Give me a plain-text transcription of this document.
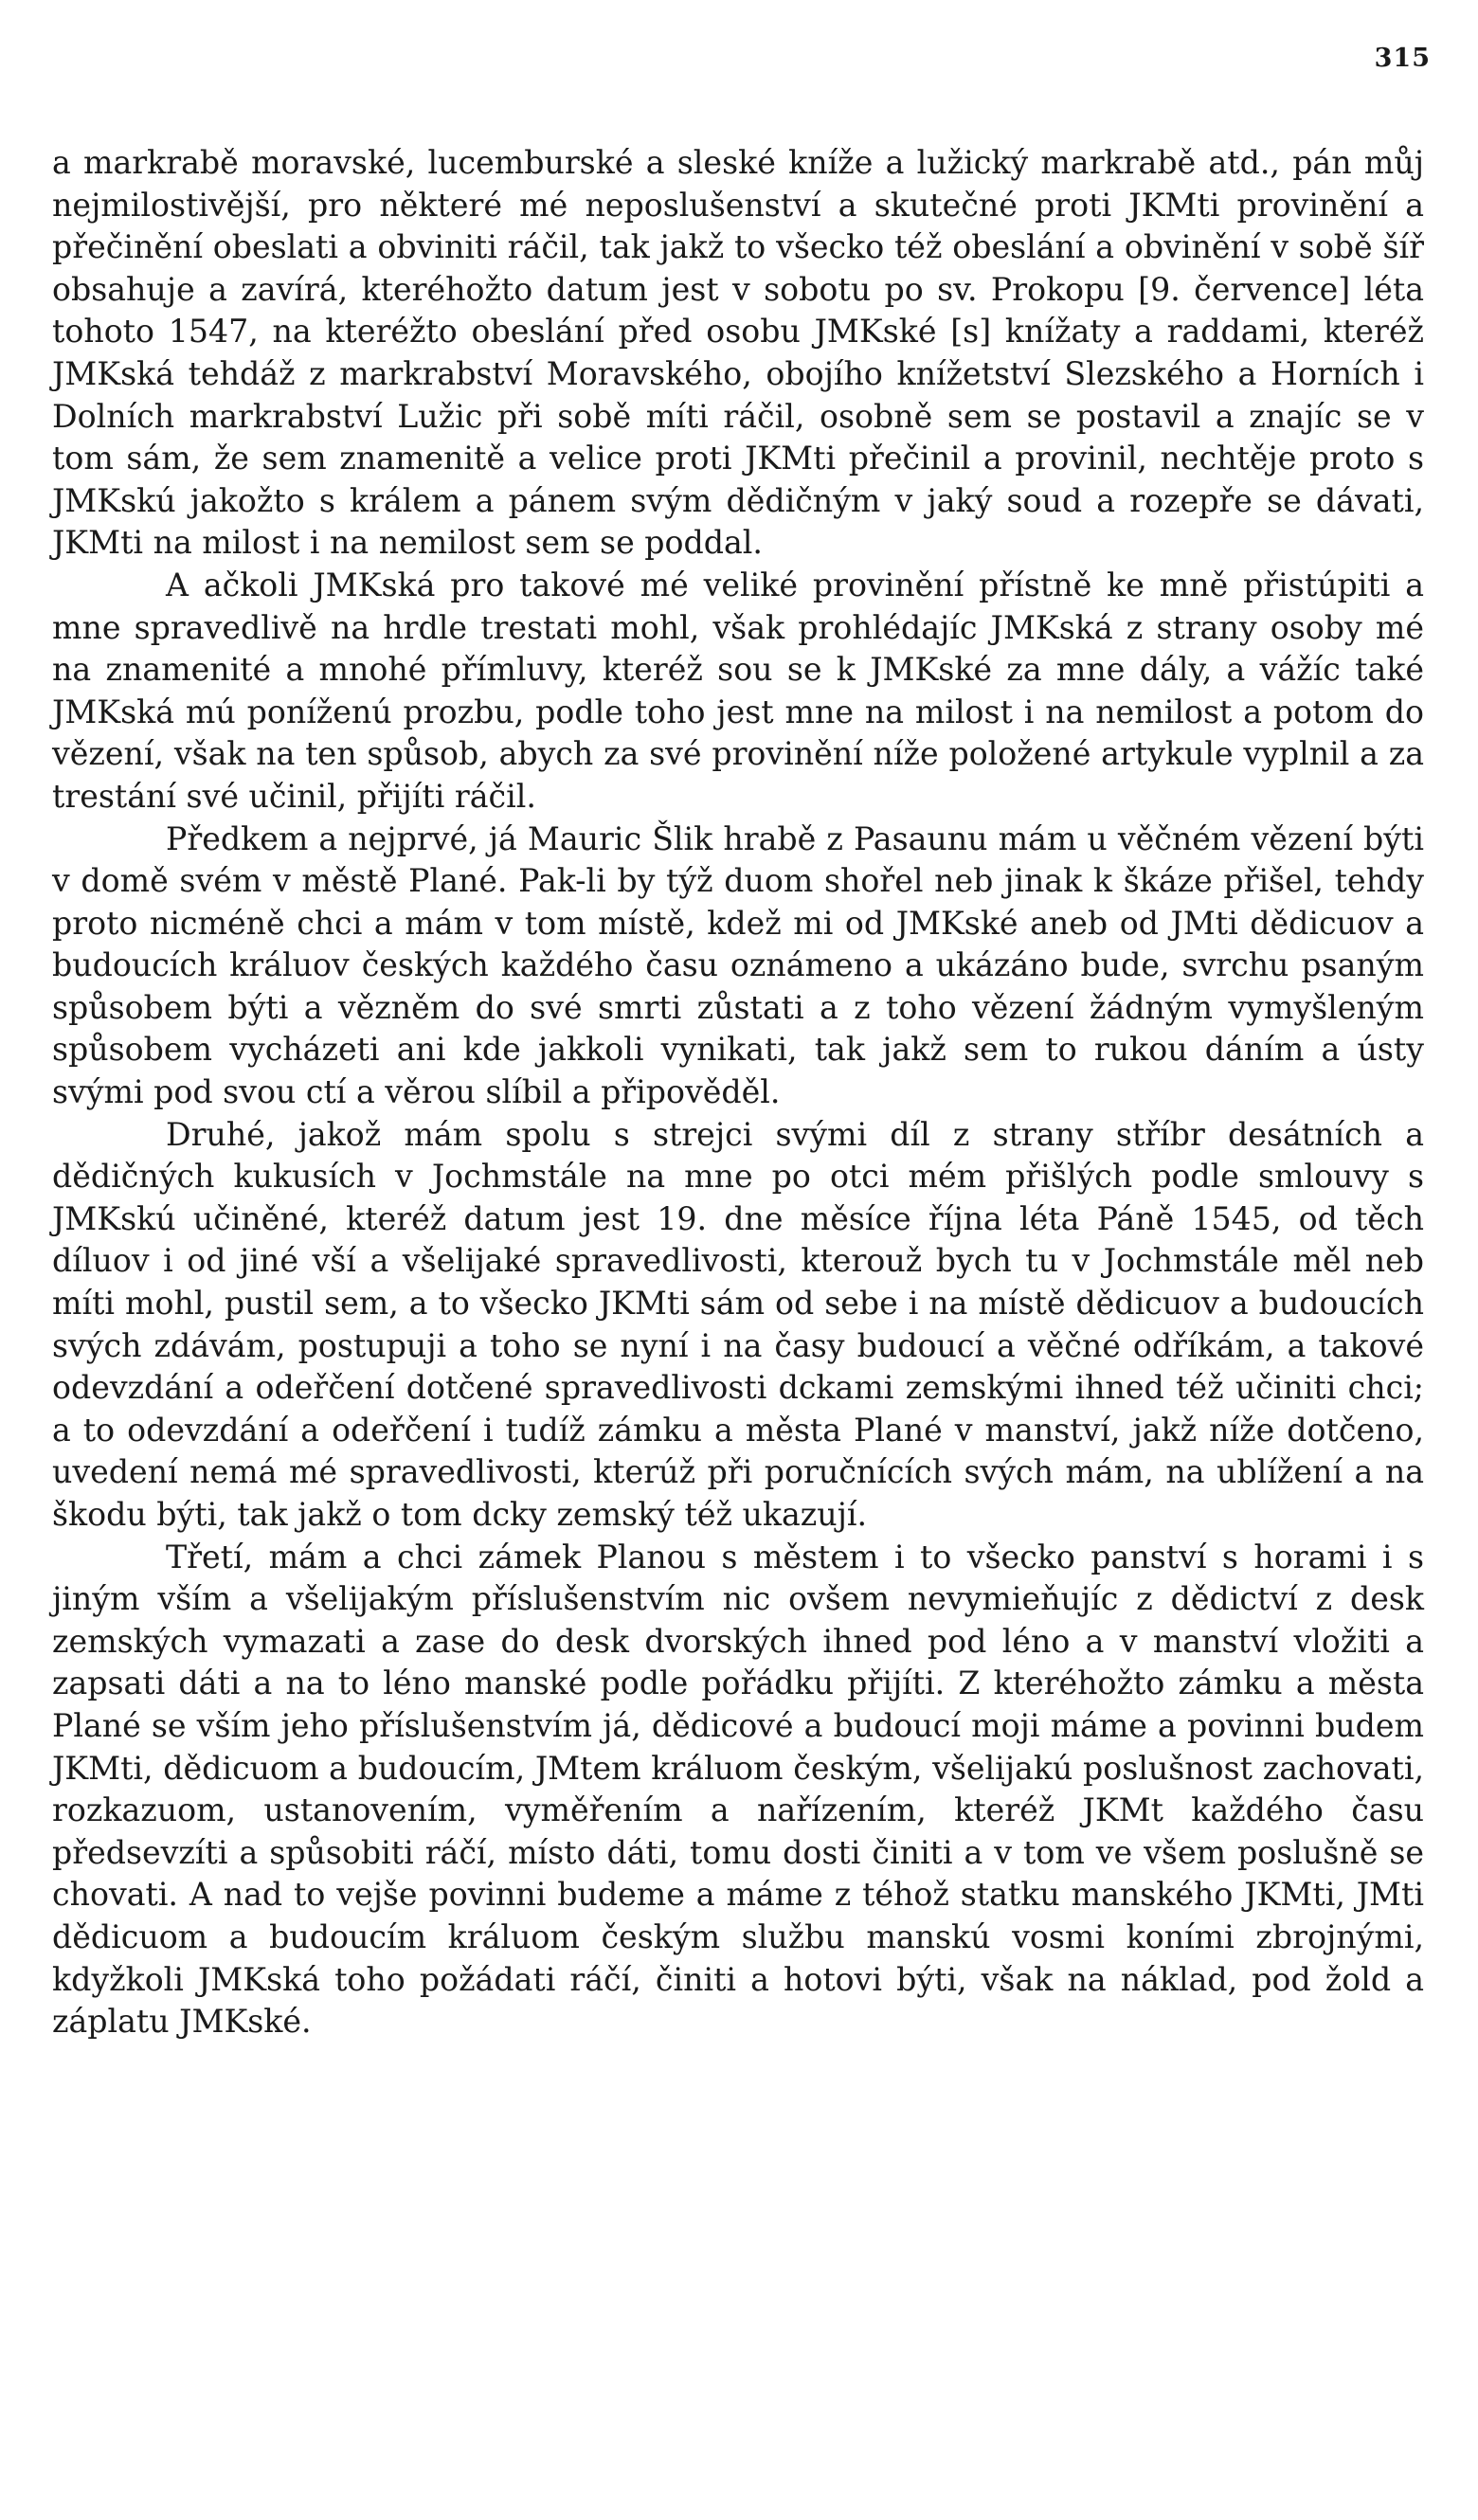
315

a markrabě moravské, lucemburské a sleské kníže a lužický markrabě atd., pán můj nejmilostivější, pro některé mé neposlušenství a skutečné proti JKMti provinění a přečinění obeslati a obviniti ráčil, tak jakž to všecko též obeslání a obvinění v sobě šíř obsahuje a zavírá, kteréhožto datum jest v sobotu po sv. Prokopu [9. července] léta tohoto 1547, na kteréžto obeslání před osobu JMKské [s] knížaty a raddami, kteréž JMKská tehdáž z markrabství Moravského, obojího knížetství Slezského a Horních i Dolních markrabství Lužic při sobě míti ráčil, osobně sem se postavil a znajíc se v tom sám, že sem znamenitě a velice proti JKMti přečinil a provinil, nechtěje proto s JMKskú jakožto s králem a pánem svým dědičným v jaký soud a rozepře se dávati, JKMti na milost i na nemilost sem se poddal.

A ačkoli JMKská pro takové mé veliké provinění přístně ke mně přistúpiti a mne spravedlivě na hrdle trestati mohl, však prohlédajíc JMKská z strany osoby mé na znamenité a mnohé přímluvy, kteréž sou se k JMKské za mne dály, a vážíc také JMKská mú poníženú prozbu, podle toho jest mne na milost i na nemilost a potom do vězení, však na ten spůsob, abych za své provinění níže položené artykule vyplnil a za trestání své učinil, přijíti ráčil.

Předkem a nejprvé, já Mauric Šlik hrabě z Pasaunu mám u věčném vězení býti v domě svém v městě Plané. Pak-li by týž duom shořel neb jinak k škáze přišel, tehdy proto nicméně chci a mám v tom místě, kdež mi od JMKské aneb od JMti dědicuov a budoucích králuov českých každého času oznámeno a ukázáno bude, svrchu psaným spůsobem býti a vězněm do své smrti zůstati a z toho vězení žádným vymyšleným spůsobem vycházeti ani kde jakkoli vynikati, tak jakž sem to rukou dáním a ústy svými pod svou ctí a věrou slíbil a připověděl.

Druhé, jakož mám spolu s strejci svými díl z strany stříbr desátních a dědičných kukusích v Jochmstále na mne po otci mém přišlých podle smlouvy s JMKskú učiněné, kteréž datum jest 19. dne měsíce října léta Páně 1545, od těch díluov i od jiné vší a všelijaké spravedlivosti, kterouž bych tu v Jochmstále měl neb míti mohl, pustil sem, a to všecko JKMti sám od sebe i na místě dědicuov a budoucích svých zdávám, postupuji a toho se nyní i na časy budoucí a věčné odříkám, a takové odevzdání a odeřčení dotčené spravedlivosti dckami zemskými ihned též učiniti chci; a to odevzdání a odeřčení i tudíž zámku a města Plané v manství, jakž níže dotčeno, uvedení nemá mé spravedlivosti, kterúž při poručnících svých mám, na ublížení a na škodu býti, tak jakž o tom dcky zemský též ukazují.

Třetí, mám a chci zámek Planou s městem i to všecko panství s horami i s jiným vším a všelijakým příslušenstvím nic ovšem nevymieňujíc z dědictví z desk zemských vymazati a zase do desk dvorských ihned pod léno a v manství vložiti a zapsati dáti a na to léno manské podle pořádku přijíti. Z kteréhožto zámku a města Plané se vším jeho příslušenstvím já, dědicové a budoucí moji máme a povinni budem JKMti, dědicuom a budoucím, JMtem králuom českým, všelijakú poslušnost zachovati, rozkazuom, ustanovením, vyměřením a nařízením, kteréž JKMt každého času předsevzíti a spůsobiti ráčí, místo dáti, tomu dosti činiti a v tom ve všem poslušně se chovati. A nad to vejše povinni budeme a máme z téhož statku manského JKMti, JMti dědicuom a budoucím králuom českým službu manskú vosmi koními zbrojnými, kdyžkoli JMKská toho požádati ráčí, činiti a hotovi býti, však na náklad, pod žold a záplatu JMKské.
